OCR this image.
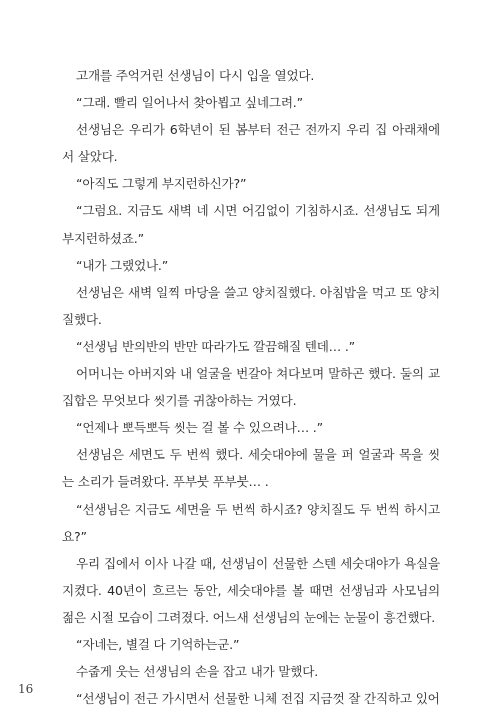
고개를 주억거린 선생님이 다시 입을 열었다.

“그래. 빨리 일어나서 찾아뵙고 싶네그려.”

선생님은 우리가 6학년이 된 봄부터 전근 전까지 우리 집 아래채에서 살았다.

“아직도 그렇게 부지런하신가?”

“그럼요. 지금도 새벽 네 시면 어김없이 기침하시죠. 선생님도 되게 부지런하셨죠.”

“내가 그랬었나.”

선생님은 새벽 일찍 마당을 쓸고 양치질했다. 아침밥을 먹고 또 양치질했다.

“선생님 반의반의 반만 따라가도 깔끔해질 텐데… .”

어머니는 아버지와 내 얼굴을 번갈아 쳐다보며 말하곤 했다. 둘의 교집합은 무엇보다 씻기를 귀찮아하는 거였다.

“언제나 뽀득뽀득 씻는 걸 볼 수 있으려나… .”

선생님은 세면도 두 번씩 했다. 세숫대야에 물을 퍼 얼굴과 목을 씻는 소리가 들려왔다. 푸부붓 푸부붓… .

“선생님은 지금도 세면을 두 번씩 하시죠? 양치질도 두 번씩 하시고요?”

우리 집에서 이사 나갈 때, 선생님이 선물한 스텐 세숫대야가 욕실을 지켰다. 40년이 흐르는 동안, 세숫대야를 볼 때면 선생님과 사모님의 젊은 시절 모습이 그려졌다. 어느새 선생님의 눈에는 눈물이 흥건했다.

“자네는, 별걸 다 기억하는군.”

수줍게 웃는 선생님의 손을 잡고 내가 말했다.

“선생님이 전근 가시면서 선물한 니체 전집 지금껏 잘 간직하고 있어

16
